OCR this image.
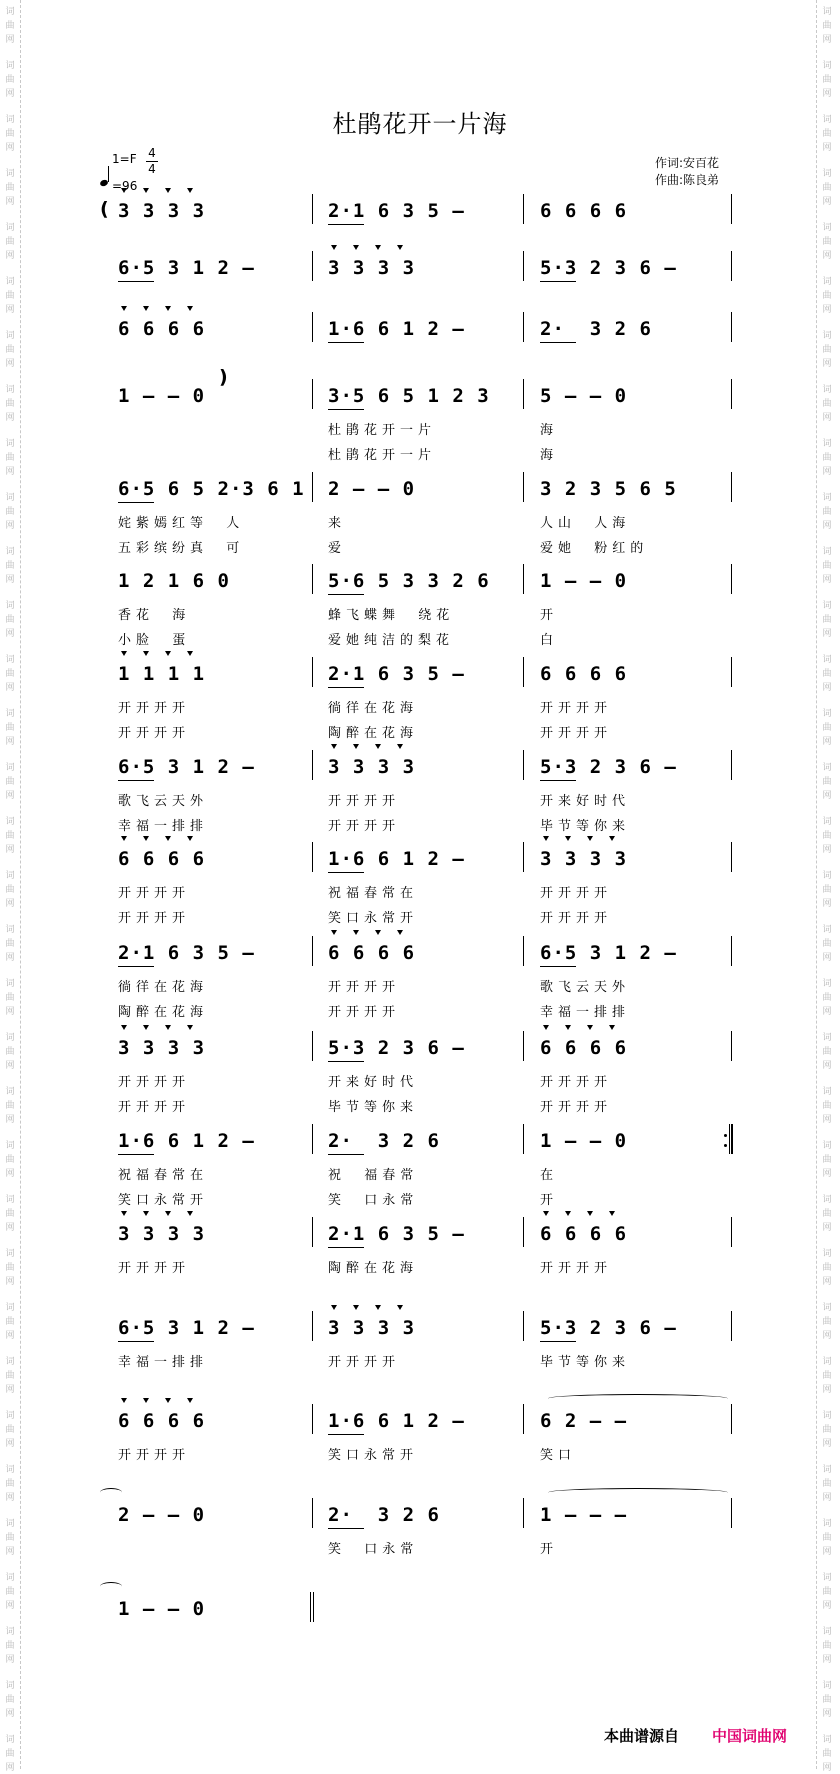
词
曲
网
词
曲
网
词
曲
网
词
曲
网
词
曲
网
词
曲
网
词
曲
网
词
曲
网
词
曲
网
词
曲
网
词
曲
网
词
曲
网
词
曲
网
词
曲
网
词
曲
网
词
曲
网
词
曲
网
词
曲
网
词
曲
网
词
曲
网
词
曲
网
词
曲
网
词
曲
网
词
曲
网
词
曲
网
词
曲
网
词
曲
网
词
曲
网
词
曲
网
词
曲
网
词
曲
网
词
曲
网
词
曲
网
词
曲
网
词
曲
网
词
曲
网
词
曲
网
词
曲
网
词
曲
网
词
曲
网
词
曲
网
词
曲
网
词
曲
网
词
曲
网
词
曲
网
词
曲
网
词
曲
网
词
曲
网
词
曲
网
词
曲
网
词
曲
网
词
曲
网
词
曲
网
词
曲
网
词
曲
网
词
曲
网
词
曲
网
词
曲
网
词
曲
网
词
曲
网
词
曲
网
词
曲
网
词
曲
网
词
曲
网
词
曲
网
词
曲
网
杜鹃花开一片海
作词:安百花
作曲:陈良弟
1=F 4
4
=96
(
)
3 3 3 3	2·1 6 3 5 –	6 6 6 6
6·5 3 1 2 –	3 3 3 3	5·3 2 3 6 –
6 6 6 6	1·6 6 1 2 –	2·  3 2 6
1 – – 0	3·5 6 5 1 2 3
杜鹃花开一片
杜鹃花开一片
5 – – 0
海
海
6·5 6 5 2·3 6 1
姹紫嫣红等  人
五彩缤纷真  可
2 – – 0
来
爱
3 2 3 5 6 5
人山  人海
爱她  粉红的
1 2 1 6 0
香花  海
小脸  蛋
5·6 5 3 3 2 6
蜂飞蝶舞  绕花
爱她纯洁的梨花
1 – – 0
开
白
1 1 1 1
开开开开
开开开开
2·1 6 3 5 –
徜徉在花海
陶醉在花海
6 6 6 6
开开开开
开开开开
6·5 3 1 2 –
歌飞云天外
幸福一排排
3 3 3 3
开开开开
开开开开
5·3 2 3 6 –
开来好时代
毕节等你来
6 6 6 6
开开开开
开开开开
1·6 6 1 2 –
祝福春常在
笑口永常开
3 3 3 3
开开开开
开开开开
2·1 6 3 5 –
徜徉在花海
陶醉在花海
6 6 6 6
开开开开
开开开开
6·5 3 1 2 –
歌飞云天外
幸福一排排
3 3 3 3
开开开开
开开开开
5·3 2 3 6 –
开来好时代
毕节等你来
6 6 6 6
开开开开
开开开开
1·6 6 1 2 –
祝福春常在
笑口永常开
2·  3 2 6
祝  福春常
笑  口永常
1 – – 0
在
开
3 3 3 3
开开开开
2·1 6 3 5 –
陶醉在花海
6 6 6 6
开开开开
6·5 3 1 2 –
幸福一排排
3 3 3 3
开开开开
5·3 2 3 6 –
毕节等你来
6 6 6 6
开开开开
1·6 6 1 2 –
笑口永常开
6 2 – –
笑口
2 – – 0	2·  3 2 6
笑  口永常
1 – – –
开
1 – – 0
本曲谱源自 中国词曲网
